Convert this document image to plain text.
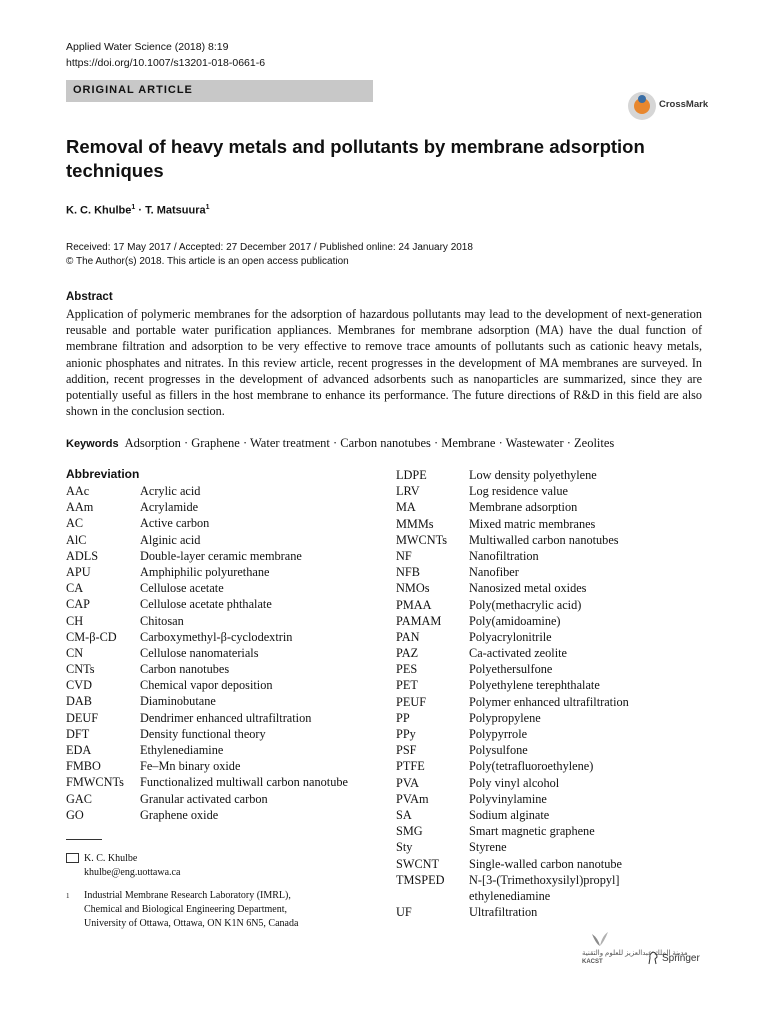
Applied Water Science (2018) 8:19
https://doi.org/10.1007/s13201-018-0661-6
ORIGINAL ARTICLE
CrossMark
Removal of heavy metals and pollutants by membrane adsorption
techniques
K. C. Khulbe$^1$ · T. Matsuura$^1$
Received: 17 May 2017 / Accepted: 27 December 2017 / Published online: 24 January 2018
© The Author(s) 2018. This article is an open access publication
Abstract
Application of polymeric membranes for the adsorption of hazardous pollutants may lead to the development of next-generation reusable and portable water purification appliances. Membranes for membrane adsorption (MA) have the dual function of membrane filtration and adsorption to be very effective to remove trace amounts of pollutants such as cationic heavy metals, anionic phosphates and nitrates. In this review article, recent progresses in the development of MA membranes are surveyed. In addition, recent progresses in the development of advanced adsorbents such as nanoparticles are summarized, since they are potentially useful as fillers in the host membrane to enhance its performance. The future directions of R&D in this field are also shown in the conclusion section.
Keywords Adsorption · Graphene · Water treatment · Carbon nanotubes · Membrane · Wastewater · Zeolites
Abbreviation
AAc	Acrylic acid
AAm	Acrylamide
AC	Active carbon
AlC	Alginic acid
ADLS	Double-layer ceramic membrane
APU	Amphiphilic polyurethane
CA	Cellulose acetate
CAP	Cellulose acetate phthalate
CH	Chitosan
CM-β-CD Carboxymethyl-β-cyclodextrin
CN	Cellulose nanomaterials
CNTs	Carbon nanotubes
CVD	Chemical vapor deposition
DAB	Diaminobutane
DEUF	Dendrimer enhanced ultrafiltration
DFT	Density functional theory
EDA	Ethylenediamine
FMBO	Fe–Mn binary oxide
FMWCNTs Functionalized multiwall carbon nanotube
GAC	Granular activated carbon
GO	Graphene oxide
LDPE	Low density polyethylene
LRV	Log residence value
MA	Membrane adsorption
MMMs	Mixed matric membranes
MWCNTs Multiwalled carbon nanotubes
NF	Nanofiltration
NFB	Nanofiber
NMOs	Nanosized metal oxides
PMAA	Poly(methacrylic acid)
PAMAM Poly(amidoamine)
PAN	Polyacrylonitrile
PAZ	Ca-activated zeolite
PES	Polyethersulfone
PET	Polyethylene terephthalate
PEUF	Polymer enhanced ultrafiltration
PP	Polypropylene
PPy	Polypyrrole
PSF	Polysulfone
PTFE	Poly(tetrafluoroethylene)
PVA	Poly vinyl alcohol
PVAm	Polyvinylamine
SA	Sodium alginate
SMG	Smart magnetic graphene
Sty	Styrene
SWCNT Single-walled carbon nanotube
TMSPED N-[3-(Trimethoxysilyl)propyl] ethylenediamine
UF	Ultrafiltration
K. C. Khulbe
khulbe@eng.uottawa.ca
1 Industrial Membrane Research Laboratory (IMRL),
Chemical and Biological Engineering Department,
University of Ottawa, Ottawa, ON K1N 6N5, Canada
مدينة الملك عبدالعزيز للعلوم والتقنية
KACST	Springer
